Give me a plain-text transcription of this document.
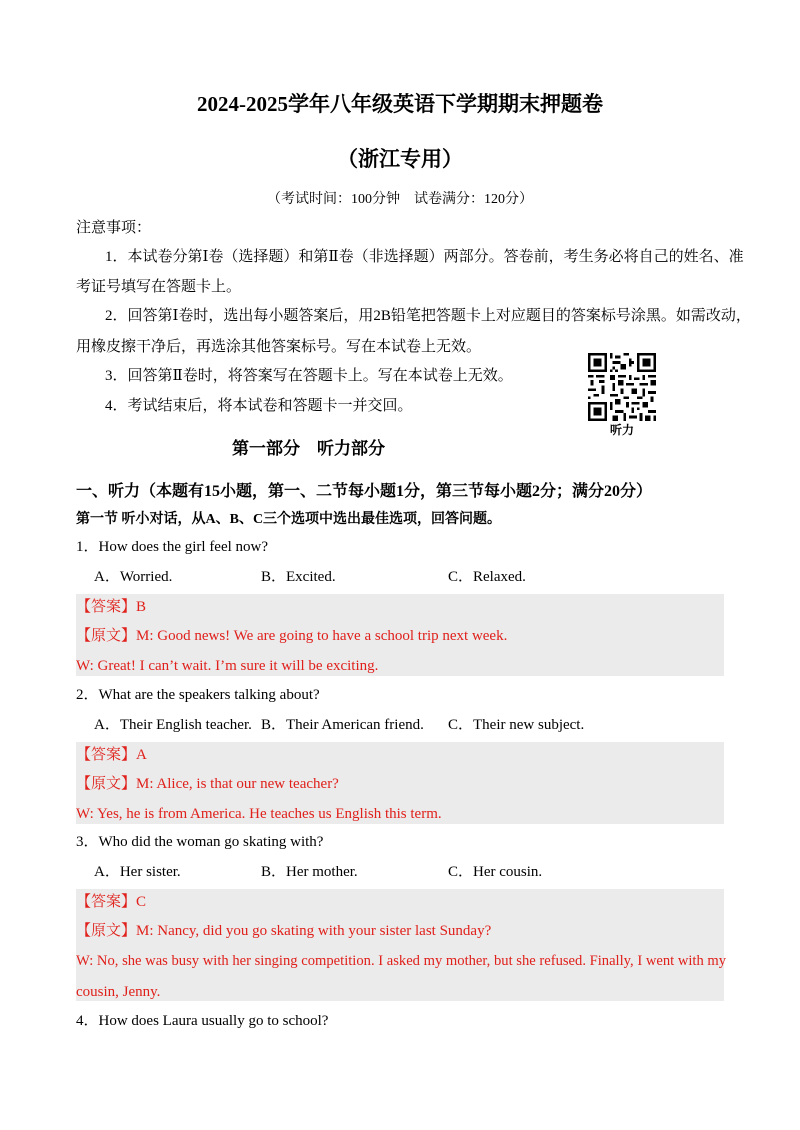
2024-2025学年八年级英语下学期期末押题卷
（浙江专用）
（考试时间：100分钟　试卷满分：120分）
注意事项：
1．本试卷分第Ⅰ卷（选择题）和第Ⅱ卷（非选择题）两部分。答卷前，考生务必将自己的姓名、准
考证号填写在答题卡上。
2．回答第Ⅰ卷时，选出每小题答案后，用2B铅笔把答题卡上对应题目的答案标号涂黑。如需改动，
用橡皮擦干净后，再选涂其他答案标号。写在本试卷上无效。
3．回答第Ⅱ卷时，将答案写在答题卡上。写在本试卷上无效。
4．考试结束后，将本试卷和答题卡一并交回。
听力
第一部分　听力部分
一、听力（本题有15小题，第一、二节每小题1分，第三节每小题2分；满分20分）
第一节 听小对话，从A、B、C三个选项中选出最佳选项，回答问题。
1．How does the girl feel now?
A．Worried.	B．Excited.	C．Relaxed.
【答案】B
【原文】M: Good news! We are going to have a school trip next week.
W: Great! I can’t wait. I’m sure it will be exciting.
2．What are the speakers talking about?
A．Their English teacher. B．Their American friend. C．Their new subject.
【答案】A
【原文】M: Alice, is that our new teacher?
W: Yes, he is from America. He teaches us English this term.
3．Who did the woman go skating with?
A．Her sister.	B．Her mother.	C．Her cousin.
【答案】C
【原文】M: Nancy, did you go skating with your sister last Sunday?
W: No, she was busy with her singing competition. I asked my mother, but she refused. Finally, I went with my
cousin, Jenny.
4．How does Laura usually go to school?
